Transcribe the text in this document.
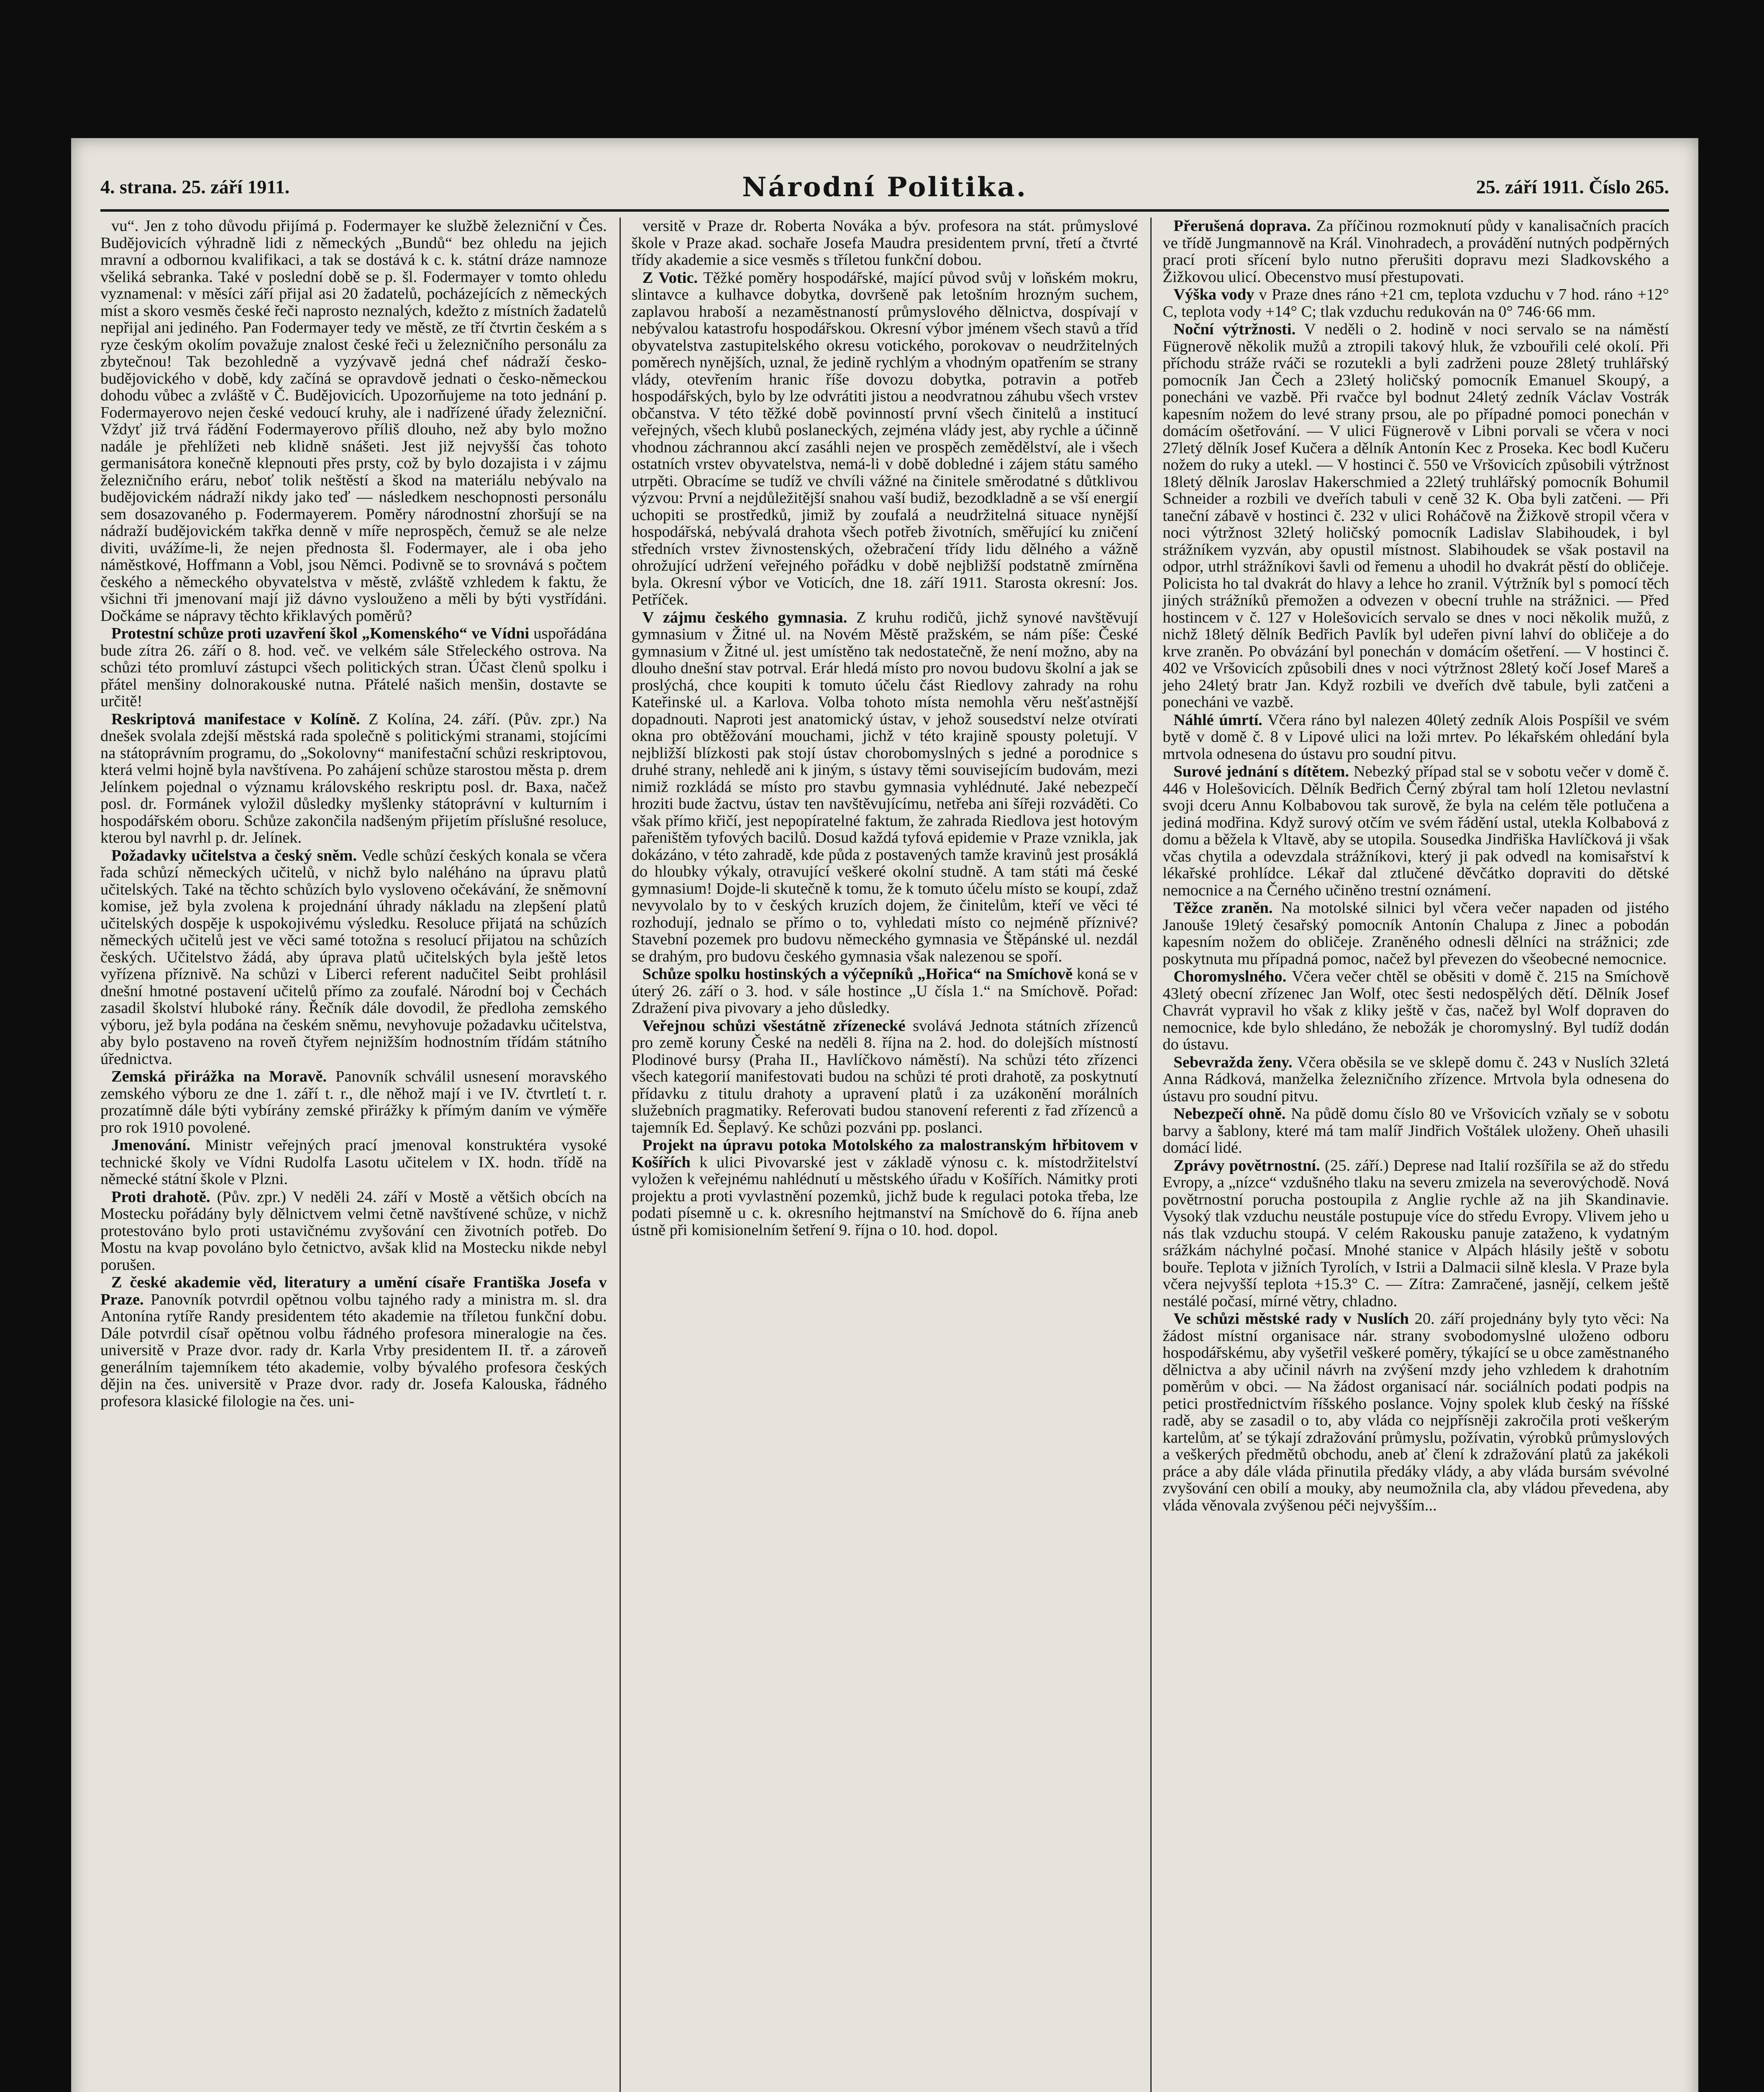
4. strana. 25. září 1911.	Národní Politika.	25. září 1911. Číslo 265.

vu“. Jen z toho důvodu přijímá p. Fodermayer ke službě železniční v Čes. Budějovicích výhradně lidi z německých „Bundů“ bez ohledu na jejich mravní a odbornou kvalifikaci, a tak se dostává k c. k. státní dráze namnoze všeliká sebranka. Také v poslední době se p. šl. Fodermayer v tomto ohledu vyznamenal: v měsíci září přijal asi 20 žadatelů, pocházejících z německých míst a skoro vesměs české řeči naprosto neznalých, kdežto z místních žadatelů nepřijal ani jediného. Pan Fodermayer tedy ve městě, ze tří čtvrtin českém a s ryze českým okolím považuje znalost české řeči u železničního personálu za zbytečnou! Tak bezohledně a vyzývavě jedná chef nádraží česko-budějovického v době, kdy začíná se opravdově jednati o česko-německou dohodu vůbec a zvláště v Č. Budějovicích. Upozorňujeme na toto jednání p. Fodermayerovo nejen české vedoucí kruhy, ale i nadřízené úřady železniční. Vždyť již trvá řádění Fodermayerovo příliš dlouho, než aby bylo možno nadále je přehlížeti neb klidně snášeti. Jest již nejvyšší čas tohoto germanisátora konečně klepnouti přes prsty, což by bylo dozajista i v zájmu železničního eráru, neboť tolik neštěstí a škod na materiálu nebývalo na budějovickém nádraží nikdy jako teď — následkem neschopnosti personálu sem dosazovaného p. Fodermayerem. Poměry národnostní zhoršují se na nádraží budějovickém takřka denně v míře neprospěch, čemuž se ale nelze diviti, uvážíme-li, že nejen přednosta šl. Fodermayer, ale i oba jeho náměstkové, Hoffmann a Vobl, jsou Němci. Podivně se to srovnává s počtem českého a německého obyvatelstva v městě, zvláště vzhledem k faktu, že všichni tři jmenovaní mají již dávno vyslouženo a měli by býti vystřídáni. Dočkáme se nápravy těchto křiklavých poměrů?

Protestní schůze proti uzavření škol „Komenského“ ve Vídni uspořádána bude zítra 26. září o 8. hod. več. ve velkém sále Střeleckého ostrova. Na schůzi této promluví zástupci všech politických stran. Účast členů spolku i přátel menšiny dolnorakouské nutna. Přátelé našich menšin, dostavte se určitě!

Reskriptová manifestace v Kolíně. Z Kolína, 24. září. (Pův. zpr.) Na dnešek svolala zdejší městská rada společně s politickými stranami, stojícími na státoprávním programu, do „Sokolovny“ manifestační schůzi reskriptovou, která velmi hojně byla navštívena. Po zahájení schůze starostou města p. drem Jelínkem pojednal o významu královského reskriptu posl. dr. Baxa, načež posl. dr. Formánek vyložil důsledky myšlenky státoprávní v kulturním i hospodářském oboru. Schůze zakončila nadšeným přijetím příslušné resoluce, kterou byl navrhl p. dr. Jelínek.

Požadavky učitelstva a český sněm. Vedle schůzí českých konala se včera řada schůzí německých učitelů, v nichž bylo naléháno na úpravu platů učitelských. Také na těchto schůzích bylo vysloveno očekávání, že sněmovní komise, jež byla zvolena k projednání úhrady nákladu na zlepšení platů učitelských dospěje k uspokojivému výsledku. Resoluce přijatá na schůzích německých učitelů jest ve věci samé totožna s resolucí přijatou na schůzích českých. Učitelstvo žádá, aby úprava platů učitelských byla ještě letos vyřízena příznivě. Na schůzi v Liberci referent nadučitel Seibt prohlásil dnešní hmotné postavení učitelů přímo za zoufalé. Národní boj v Čechách zasadil školství hluboké rány. Řečník dále dovodil, že předloha zemského výboru, jež byla podána na českém sněmu, nevyhovuje požadavku učitelstva, aby bylo postaveno na roveň čtyřem nejnižším hodnostním třídám státního úřednictva.

Zemská přirážka na Moravě. Panovník schválil usnesení moravského zemského výboru ze dne 1. září t. r., dle něhož mají i ve IV. čtvrtletí t. r. prozatímně dále býti vybírány zemské přirážky k přímým daním ve výměře pro rok 1910 povolené.

Jmenování. Ministr veřejných prací jmenoval konstruktéra vysoké technické školy ve Vídni Rudolfa Lasotu učitelem v IX. hodn. třídě na německé státní škole v Plzni.

Proti drahotě. (Pův. zpr.) V neděli 24. září v Mostě a většich obcích na Mostecku pořádány byly dělnictvem velmi četně navštívené schůze, v nichž protestováno bylo proti ustavičnému zvyšování cen životních potřeb. Do Mostu na kvap povoláno bylo četnictvo, avšak klid na Mostecku nikde nebyl porušen.

Z české akademie věd, literatury a umění císaře Františka Josefa v Praze. Panovník potvrdil opětnou volbu tajného rady a ministra m. sl. dra Antonína rytíře Randy presidentem této akademie na tříletou funkční dobu. Dále potvrdil císař opětnou volbu řádného profesora mineralogie na čes. universitě v Praze dvor. rady dr. Karla Vrby presidentem II. tř. a zároveň generálním tajemníkem této akademie, volby bývalého profesora českých dějin na čes. universitě v Praze dvor. rady dr. Josefa Kalouska, řádného profesora klasické filologie na čes. uni-

versitě v Praze dr. Roberta Nováka a býv. profesora na stát. průmyslové škole v Praze akad. sochaře Josefa Maudra presidentem první, třetí a čtvrté třídy akademie a sice vesměs s tříletou funkční dobou.

Z Votic. Těžké poměry hospodářské, mající původ svůj v loňském mokru, slintavce a kulhavce dobytka, dovršeně pak letošním hrozným suchem, zaplavou hraboší a nezaměstnaností průmyslového dělnictva, dospívají v nebývalou katastrofu hospodářskou. Okresní výbor jménem všech stavů a tříd obyvatelstva zastupitelského okresu votického, porokovav o neudržitelných poměrech nynějších, uznal, že jedině rychlým a vhodným opatřením se strany vlády, otevřením hranic říše dovozu dobytka, potravin a potřeb hospodářských, bylo by lze odvrátiti jistou a neodvratnou záhubu všech vrstev občanstva. V této těžké době povinností první všech činitelů a institucí veřejných, všech klubů poslaneckých, zejména vlády jest, aby rychle a účinně vhodnou záchrannou akcí zasáhli nejen ve prospěch zemědělství, ale i všech ostatních vrstev obyvatelstva, nemá-li v době dobledné i zájem státu samého utrpěti. Obracíme se tudíž ve chvíli vážné na činitele směrodatné s důtklivou výzvou: První a nejdůležitější snahou vaší budiž, bezodkladně a se vší energií uchopiti se prostředků, jimiž by zoufalá a neudržitelná situace nynější hospodářská, nebývalá drahota všech potřeb životních, směřující ku zničení středních vrstev živnostenských, ožebračení třídy lidu dělného a vážně ohrožující udržení veřejného pořádku v době nejbližší podstatně zmírněna byla. Okresní výbor ve Voticích, dne 18. září 1911. Starosta okresní: Jos. Petříček.

V zájmu českého gymnasia. Z kruhu rodičů, jichž synové navštěvují gymnasium v Žitné ul. na Novém Městě pražském, se nám píše: České gymnasium v Žitné ul. jest umístěno tak nedostatečně, že není možno, aby na dlouho dnešní stav potrval. Erár hledá místo pro novou budovu školní a jak se proslýchá, chce koupiti k tomuto účelu část Riedlovy zahrady na rohu Kateřinské ul. a Karlova. Volba tohoto místa nemohla věru nešťastnější dopadnouti. Naproti jest anatomický ústav, v jehož sousedství nelze otvírati okna pro obtěžování mouchami, jichž v této krajině spousty poletují. V nejbližší blízkosti pak stojí ústav chorobomyslných s jedné a porodnice s druhé strany, nehledě ani k jiným, s ústavy těmi souvisejícím budovám, mezi nimiž rozkládá se místo pro stavbu gymnasia vyhlédnuté. Jaké nebezpečí hroziti bude žactvu, ústav ten navštěvujícímu, netřeba ani šířeji rozváděti. Co však přímo křičí, jest nepopíratelné faktum, že zahrada Riedlova jest hotovým pařeništěm tyfových bacilů. Dosud každá tyfová epidemie v Praze vznikla, jak dokázáno, v této zahradě, kde půda z postavených tamže kravinů jest prosáklá do hloubky výkaly, otravující veškeré okolní studně. A tam státi má české gymnasium! Dojde-li skutečně k tomu, že k tomuto účelu místo se koupí, zdaž nevyvolalo by to v českých kruzích dojem, že činitelům, kteří ve věci té rozhodují, jednalo se přímo o to, vyhledati místo co nejméně příznivé? Stavební pozemek pro budovu německého gymnasia ve Štěpánské ul. nezdál se drahým, pro budovu českého gymnasia však nalezenou se spoří.

Schůze spolku hostinských a výčepníků „Hořica“ na Smíchově koná se v úterý 26. září o 3. hod. v sále hostince „U čísla 1.“ na Smíchově. Pořad: Zdražení piva pivovary a jeho důsledky.

Veřejnou schůzi všestátně zřízenecké svolává Jednota státních zřízenců pro země koruny České na neděli 8. října na 2. hod. do dolejších místností Plodinové bursy (Praha II., Havlíčkovo náměstí). Na schůzi této zřízenci všech kategorií manifestovati budou na schůzi té proti drahotě, za poskytnutí přídavku z titulu drahoty a upravení platů i za uzákonění morálních služebních pragmatiky. Referovati budou stanovení referenti z řad zřízenců a tajemník Ed. Šeplavý. Ke schůzi pozváni pp. poslanci.

Projekt na úpravu potoka Motolského za malostranským hřbitovem v Košířích k ulici Pivovarské jest v základě výnosu c. k. místodržitelství vyložen k veřejnému nahlédnutí u městského úřadu v Košířích. Námitky proti projektu a proti vyvlastnění pozemků, jichž bude k regulaci potoka třeba, lze podati písemně u c. k. okresního hejtmanství na Smíchově do 6. října aneb ústně při komisionelním šetření 9. října o 10. hod. dopol.

Přerušená doprava. Za příčinou rozmoknutí půdy v kanalisačních pracích ve třídě Jungmannově na Král. Vinohradech, a provádění nutných podpěrných prací proti sřícení bylo nutno přerušiti dopravu mezi Sladkovského a Žižkovou ulicí. Obecenstvo musí přestupovati.

Výška vody v Praze dnes ráno +21 cm, teplota vzduchu v 7 hod. ráno +12° C, teplota vody +14° C; tlak vzduchu redukován na 0° 746·66 mm.

Noční výtržnosti. V neděli o 2. hodině v noci servalo se na náměstí Fügnerově několik mužů a ztropili takový hluk, že vzbouřili celé okolí. Při příchodu stráže rváči se rozutekli a byli zadrženi pouze 28letý truhlářský pomocník Jan Čech a 23letý holičský pomocník Emanuel Skoupý, a ponecháni ve vazbě. Při rvačce byl bodnut 24letý zedník Václav Vostrák kapesním nožem do levé strany prsou, ale po případné pomoci ponechán v domácím ošetřování. — V ulici Fügnerově v Libni porvali se včera v noci 27letý dělník Josef Kučera a dělník Antonín Kec z Proseka. Kec bodl Kučeru nožem do ruky a utekl. — V hostinci č. 550 ve Vršovicích způsobili výtržnost 18letý dělník Jaroslav Hakerschmied a 22letý truhlářský pomocník Bohumil Schneider a rozbili ve dveřích tabuli v ceně 32 K. Oba byli zatčeni. — Při taneční zábavě v hostinci č. 232 v ulici Roháčově na Žižkově stropil včera v noci výtržnost 32letý holičský pomocník Ladislav Slabihoudek, i byl strážníkem vyzván, aby opustil místnost. Slabihoudek se však postavil na odpor, utrhl strážníkovi šavli od řemenu a uhodil ho dvakrát pěstí do obličeje. Policista ho tal dvakrát do hlavy a lehce ho zranil. Výtržník byl s pomocí těch jiných strážníků přemožen a odvezen v obecní truhle na strážnici. — Před hostincem v č. 127 v Holešovicích servalo se dnes v noci několik mužů, z nichž 18letý dělník Bedřich Pavlík byl udeřen pivní lahví do obličeje a do krve zraněn. Po obvázání byl ponechán v domácím ošetření. — V hostinci č. 402 ve Vršovicích způsobili dnes v noci výtržnost 28letý kočí Josef Mareš a jeho 24letý bratr Jan. Když rozbili ve dveřích dvě tabule, byli zatčeni a ponecháni ve vazbě.

Náhlé úmrtí. Včera ráno byl nalezen 40letý zedník Alois Pospíšil ve svém bytě v domě č. 8 v Lipové ulici na loži mrtev. Po lékařském ohledání byla mrtvola odnesena do ústavu pro soudní pitvu.

Surové jednání s dítětem. Nebezký případ stal se v sobotu večer v domě č. 446 v Holešovicích. Dělník Bedřich Černý zbýral tam holí 12letou nevlastní svoji dceru Annu Kolbabovou tak surově, že byla na celém těle potlučena a jediná modřina. Když surový otčím ve svém řádění ustal, utekla Kolbabová z domu a běžela k Vltavě, aby se utopila. Sousedka Jindřiška Havlíčková ji však včas chytila a odevzdala strážníkovi, který ji pak odvedl na komisařství k lékařské prohlídce. Lékař dal ztlučené děvčátko dopraviti do dětské nemocnice a na Černého učiněno trestní oznámení.

Těžce zraněn. Na motolské silnici byl včera večer napaden od jistého Janouše 19letý česařský pomocník Antonín Chalupa z Jinec a pobodán kapesním nožem do obličeje. Zraněného odnesli dělníci na strážnici; zde poskytnuta mu případná pomoc, načež byl převezen do všeobecné nemocnice.

Choromyslného. Včera večer chtěl se oběsiti v domě č. 215 na Smíchově 43letý obecní zřízenec Jan Wolf, otec šesti nedospělých dětí. Dělník Josef Chavrát vypravil ho však z kliky ještě v čas, načež byl Wolf dopraven do nemocnice, kde bylo shledáno, že nebožák je choromyslný. Byl tudíž dodán do ústavu.

Sebevražda ženy. Včera oběsila se ve sklepě domu č. 243 v Nuslích 32letá Anna Rádková, manželka železničního zřízence. Mrtvola byla odnesena do ústavu pro soudní pitvu.

Nebezpečí ohně. Na půdě domu číslo 80 ve Vršovicích vzňaly se v sobotu barvy a šablony, které má tam malíř Jindřich Voštálek uloženy. Oheň uhasili domácí lidé.

Zprávy povětrnostní. (25. září.) Deprese nad Italií rozšířila se až do středu Evropy, a „nízce“ vzdušného tlaku na severu zmizela na severovýchodě. Nová povětrnostní porucha postoupila z Anglie rychle až na jih Skandinavie. Vysoký tlak vzduchu neustále postupuje více do středu Evropy. Vlivem jeho u nás tlak vzduchu stoupá. V celém Rakousku panuje zataženo, k vydatným srážkám náchylné počasí. Mnohé stanice v Alpách hlásily ještě v sobotu bouře. Teplota v jižních Tyrolích, v Istrii a Dalmacii silně klesla. V Praze byla včera nejvyšší teplota +15.3° C. — Zítra: Zamračené, jasnějí, celkem ještě nestálé počasí, mírné větry, chladno.

Ve schůzi městské rady v Nuslích 20. září projednány byly tyto věci: Na žádost místní organisace nár. strany svobodomyslné uloženo odboru hospodářskému, aby vyšetřil veškeré poměry, týkající se u obce zaměstnaného dělnictva a aby učinil návrh na zvýšení mzdy jeho vzhledem k drahotním poměrům v obci. — Na žádost organisací nár. sociálních podati podpis na petici prostřednictvím říšského poslance. Vojny spolek klub český na říšské radě, aby se zasadil o to, aby vláda co nejpřísněji zakročila proti veškerým kartelům, ať se týkají zdražování průmyslu, požívatin, výrobků průmyslových a veškerých předmětů obchodu, aneb ať člení k zdražování platů za jakékoli práce a aby dále vláda přinutila předáky vlády, a aby vláda bursám svévolné zvyšování cen obilí a mouky, aby neumožnila cla, aby vládou převedena, aby vláda věnovala zvýšenou péči nejvyšším...
